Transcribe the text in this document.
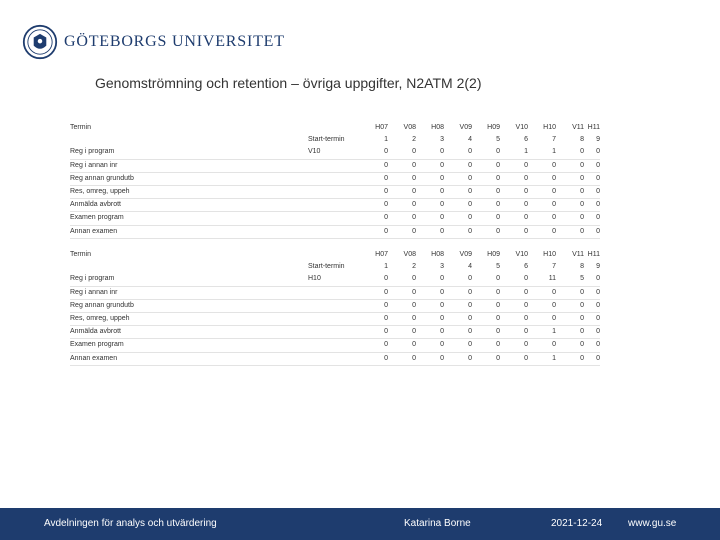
GÖTEBORGS UNIVERSITET
Genomströmning och retention – övriga uppgifter, N2ATM 2(2)
Termin	H07	V08	H08	V09	H09	V10	H10	V11 H11
Start-termin	1	2	3	4	5	6	7	8	9
Reg i program	V10	0	0	0	0	0	1	1	0	0
Reg i annan inr	0	0	0	0	0	0	0	0	0
Reg annan grundutb	0	0	0	0	0	0	0	0	0
Res, omreg, uppeh	0	0	0	0	0	0	0	0	0
Anmälda avbrott	0	0	0	0	0	0	0	0	0
Examen program	0	0	0	0	0	0	0	0	0
Annan examen	0	0	0	0	0	0	0	0	0
Termin	H07	V08	H08	V09	H09	V10	H10	V11 H11
Start-termin	1	2	3	4	5	6	7	8	9
Reg i program	H10	0	0	0	0	0	0	11	5	0
Reg i annan inr	0	0	0	0	0	0	0	0	0
Reg annan grundutb	0	0	0	0	0	0	0	0	0
Res, omreg, uppeh	0	0	0	0	0	0	0	0	0
Anmälda avbrott	0	0	0	0	0	0	1	0	0
Examen program	0	0	0	0	0	0	0	0	0
Annan examen	0	0	0	0	0	0	1	0	0
Avdelningen för analys och utvärdering	Katarina Borne	2021-12-24	www.gu.se
